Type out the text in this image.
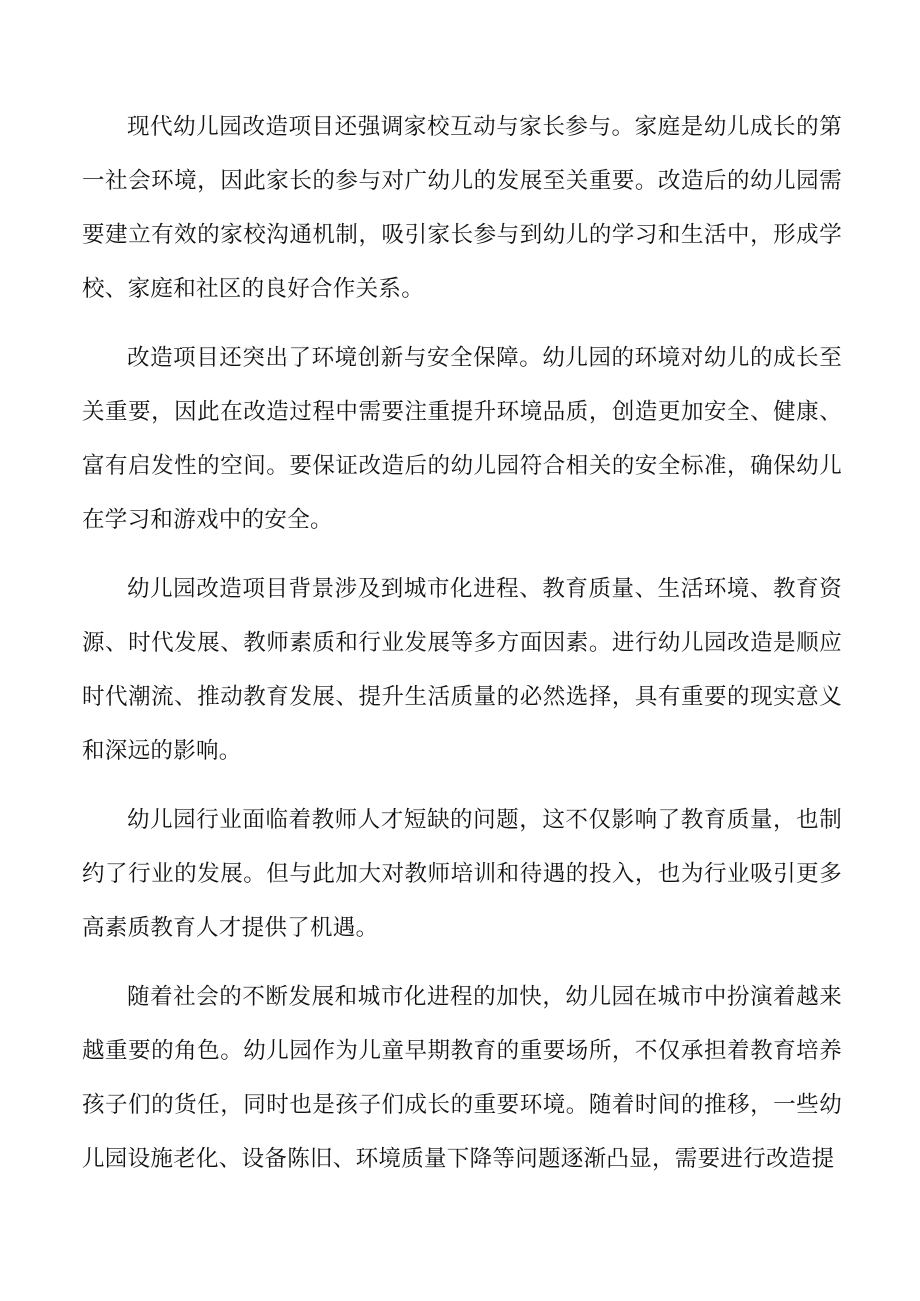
现代幼儿园改造项目还强调家校互动与家长参与。家庭是幼儿成长的第一社会环境，因此家长的参与对广幼儿的发展至关重要。改造后的幼儿园需要建立有效的家校沟通机制，吸引家长参与到幼儿的学习和生活中，形成学校、家庭和社区的良好合作关系。

改造项目还突出了环境创新与安全保障。幼儿园的环境对幼儿的成长至关重要，因此在改造过程中需要注重提升环境品质，创造更加安全、健康、富有启发性的空间。要保证改造后的幼儿园符合相关的安全标准，确保幼儿在学习和游戏中的安全。

幼儿园改造项目背景涉及到城市化进程、教育质量、生活环境、教育资源、时代发展、教师素质和行业发展等多方面因素。进行幼儿园改造是顺应时代潮流、推动教育发展、提升生活质量的必然选择，具有重要的现实意义和深远的影响。

幼儿园行业面临着教师人才短缺的问题，这不仅影响了教育质量，也制约了行业的发展。但与此加大对教师培训和待遇的投入，也为行业吸引更多高素质教育人才提供了机遇。

随着社会的不断发展和城市化进程的加快，幼儿园在城市中扮演着越来越重要的角色。幼儿园作为儿童早期教育的重要场所，不仅承担着教育培养孩子们的货任，同时也是孩子们成长的重要环境。随着时间的推移，一些幼儿园设施老化、设备陈旧、环境质量下降等问题逐渐凸显，需要进行改造提
